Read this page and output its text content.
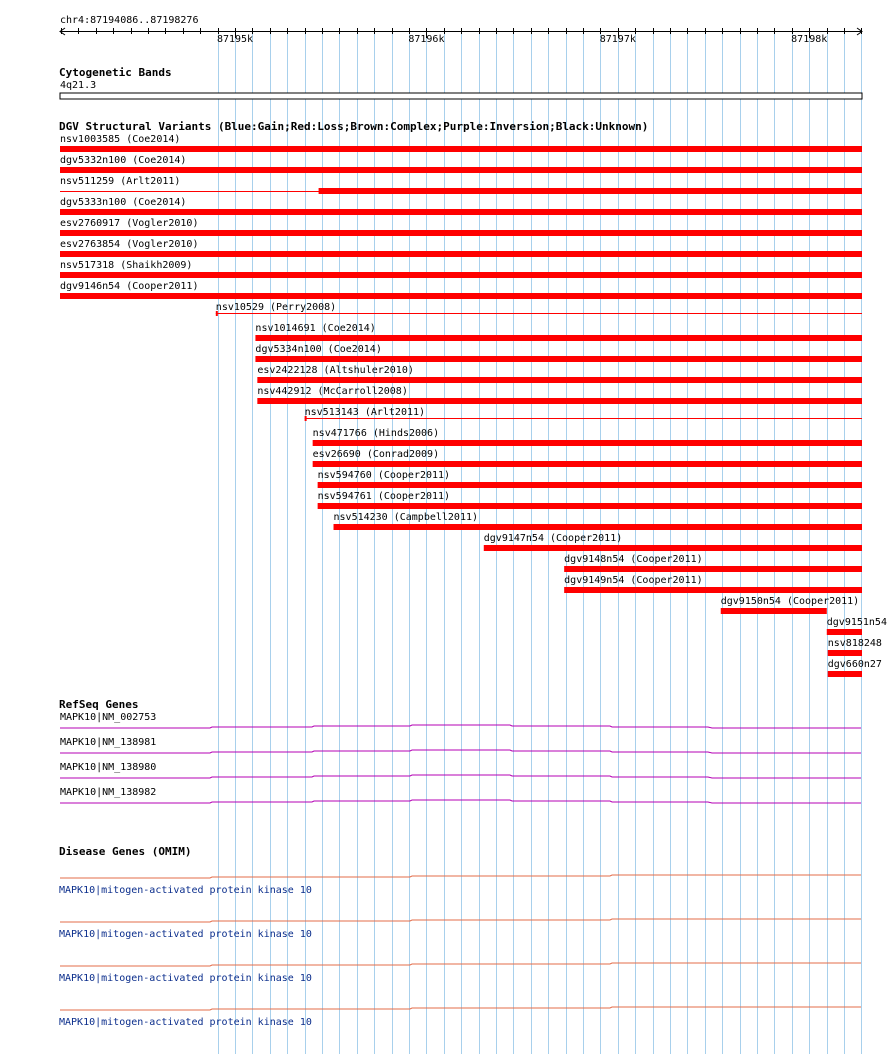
chr4:87194086..87198276
87195k	87196k	87197k	87198k
Cytogenetic Bands
4q21.3
DGV Structural Variants (Blue:Gain;Red:Loss;Brown:Complex;Purple:Inversion;Black:Unknown)
nsv1003585 (Coe2014)
dgv5332n100 (Coe2014)
nsv511259 (Arlt2011)
dgv5333n100 (Coe2014)
esv2760917 (Vogler2010)
esv2763854 (Vogler2010)
nsv517318 (Shaikh2009)
dgv9146n54 (Cooper2011)
nsv10529 (Perry2008)
nsv1014691 (Coe2014)
dgv5334n100 (Coe2014)
esv2422128 (Altshuler2010)
nsv442912 (McCarroll2008)
nsv513143 (Arlt2011)
nsv471766 (Hinds2006)
esv26690 (Conrad2009)
nsv594760 (Cooper2011)
nsv594761 (Cooper2011)
nsv514230 (Campbell2011)
dgv9147n54 (Cooper2011)
dgv9148n54 (Cooper2011)
dgv9149n54 (Cooper2011)
dgv9150n54 (Cooper2011)
dgv9151n54
nsv818248
dgv660n27
RefSeq Genes
MAPK10|NM_002753
MAPK10|NM_138981
MAPK10|NM_138980
MAPK10|NM_138982
Disease Genes (OMIM)
MAPK10|mitogen-activated protein kinase 10
MAPK10|mitogen-activated protein kinase 10
MAPK10|mitogen-activated protein kinase 10
MAPK10|mitogen-activated protein kinase 10
